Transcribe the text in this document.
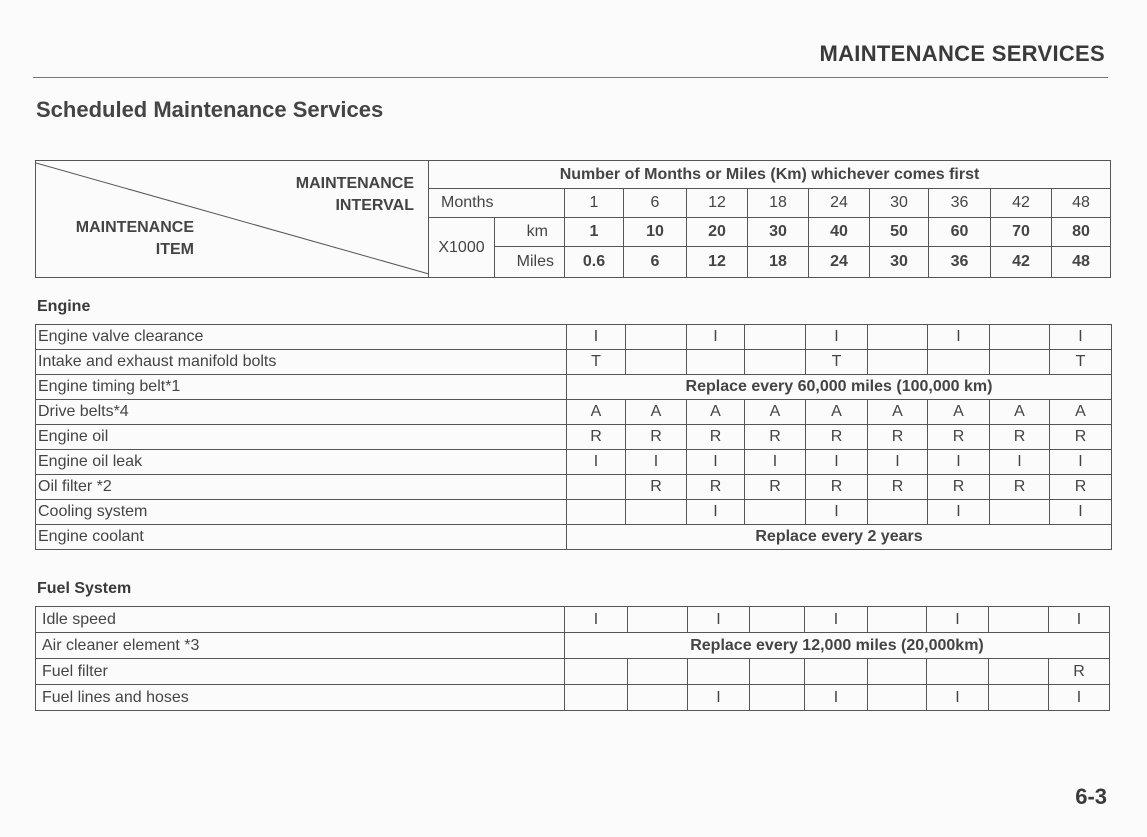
MAINTENANCE SERVICES
Scheduled Maintenance Services
MAINTENANCE
INTERVAL
MAINTENANCE
ITEM	Number of Months or Miles (Km) whichever comes first										
	Months		1	6	12	18	24	30	36	42	48
	X1000	km	1	10	20	30	40	50	60	70	80
		Miles	0.6	6	12	18	24	30	36	42	48
Engine
Engine valve clearance	I		I		I		I		I
Intake and exhaust manifold bolts	T				T				T
Engine timing belt*1	Replace every 60,000 miles (100,000 km)								
Drive belts*4	A	A	A	A	A	A	A	A	A
Engine oil	R	R	R	R	R	R	R	R	R
Engine oil leak	I	I	I	I	I	I	I	I	I
Oil filter *2		R	R	R	R	R	R	R	R
Cooling system			I		I		I		I
Engine coolant	Replace every 2 years								
Fuel System
Idle speed	I		I		I		I		I
Air cleaner element *3	Replace every 12,000 miles (20,000km)								
Fuel filter									R
Fuel lines and hoses			I		I		I		I
6-3
